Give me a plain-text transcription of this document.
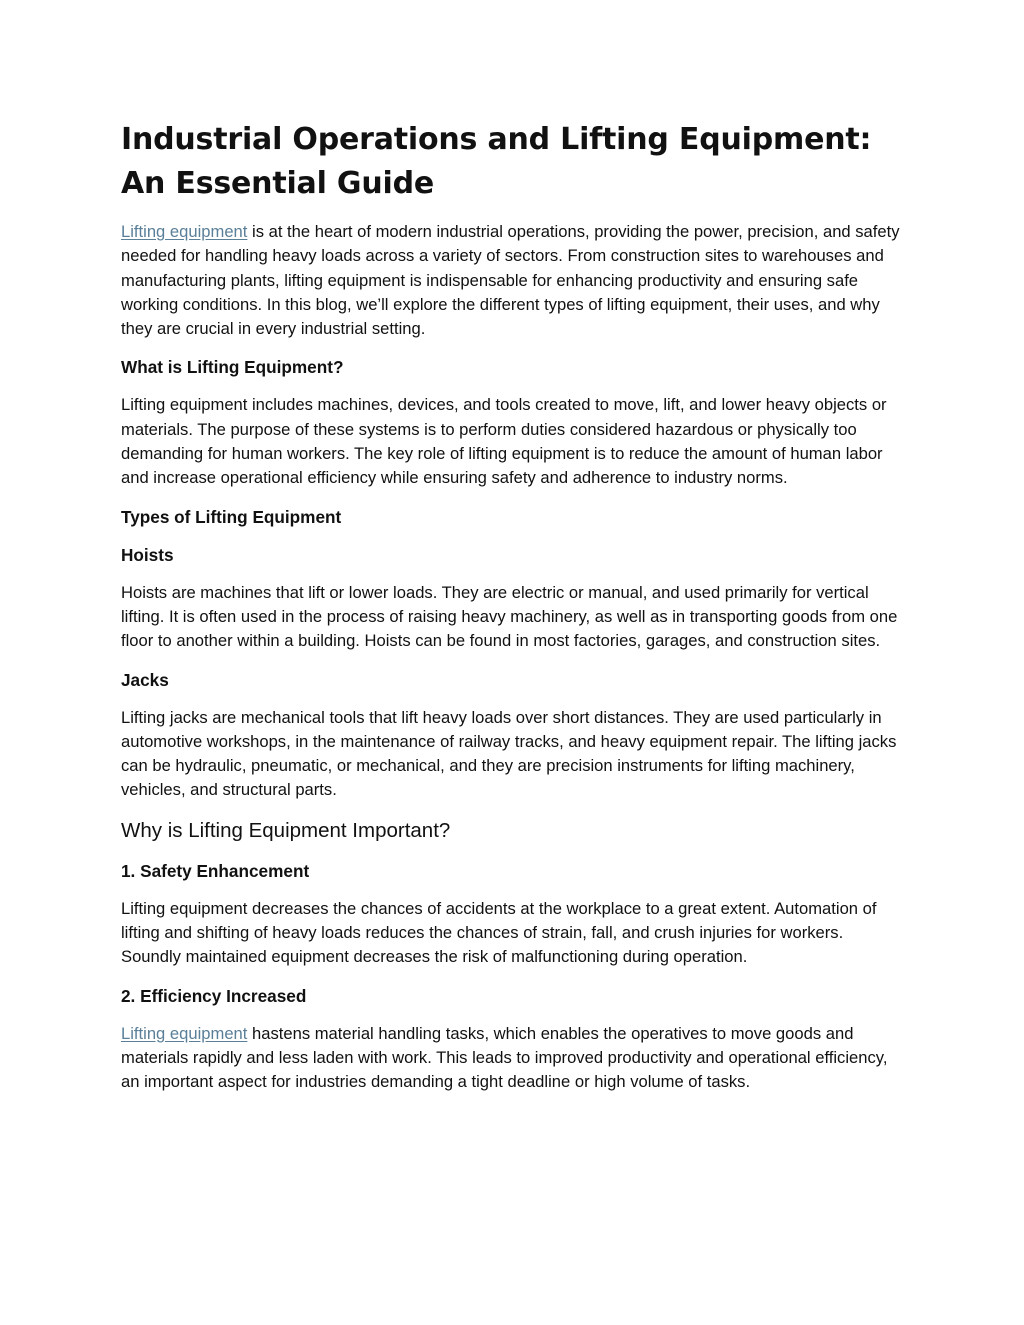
Industrial Operations and Lifting Equipment: An Essential Guide

Lifting equipment is at the heart of modern industrial operations, providing the power, precision, and safety needed for handling heavy loads across a variety of sectors. From construction sites to warehouses and manufacturing plants, lifting equipment is indispensable for enhancing productivity and ensuring safe working conditions. In this blog, we’ll explore the different types of lifting equipment, their uses, and why they are crucial in every industrial setting.

What is Lifting Equipment?

Lifting equipment includes machines, devices, and tools created to move, lift, and lower heavy objects or materials. The purpose of these systems is to perform duties considered hazardous or physically too demanding for human workers. The key role of lifting equipment is to reduce the amount of human labor and increase operational efficiency while ensuring safety and adherence to industry norms.

Types of Lifting Equipment
Hoists

Hoists are machines that lift or lower loads. They are electric or manual, and used primarily for vertical lifting. It is often used in the process of raising heavy machinery, as well as in transporting goods from one floor to another within a building. Hoists can be found in most factories, garages, and construction sites.

Jacks

Lifting jacks are mechanical tools that lift heavy loads over short distances. They are used particularly in automotive workshops, in the maintenance of railway tracks, and heavy equipment repair. The lifting jacks can be hydraulic, pneumatic, or mechanical, and they are precision instruments for lifting machinery, vehicles, and structural parts.

Why is Lifting Equipment Important?
1. Safety Enhancement

Lifting equipment decreases the chances of accidents at the workplace to a great extent. Automation of lifting and shifting of heavy loads reduces the chances of strain, fall, and crush injuries for workers. Soundly maintained equipment decreases the risk of malfunctioning during operation.

2. Efficiency Increased

Lifting equipment hastens material handling tasks, which enables the operatives to move goods and materials rapidly and less laden with work. This leads to improved productivity and operational efficiency, an important aspect for industries demanding a tight deadline or high volume of tasks.
